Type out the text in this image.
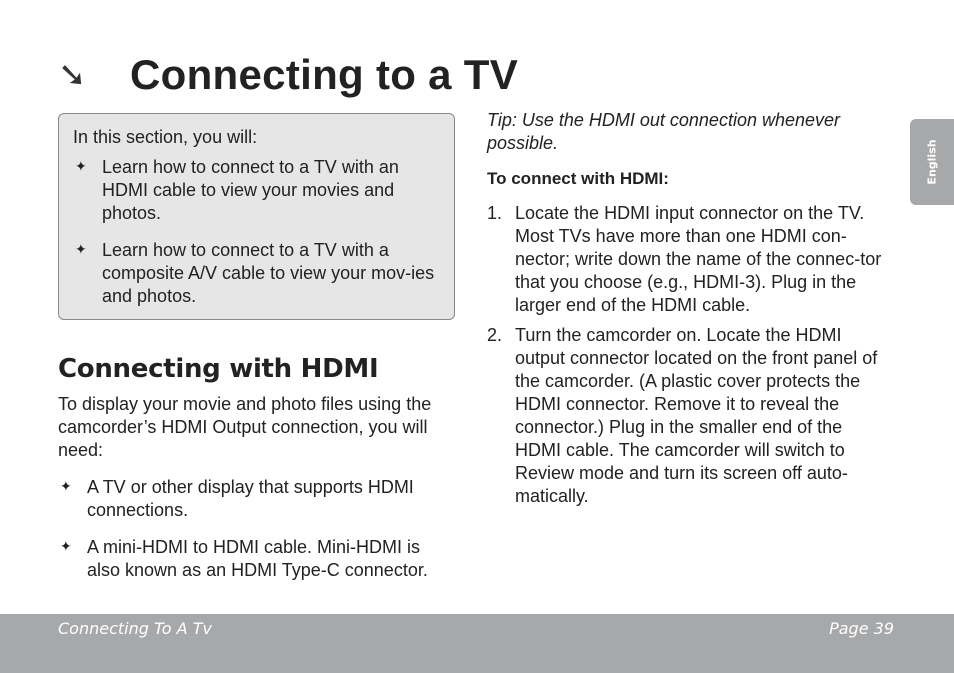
➘	Connecting to a TV

In this section, you will:

✦ Learn how to connect to a TV with an HDMI cable to view your movies and photos.
✦ Learn how to connect to a TV with a composite A/V cable to view your mov-ies and photos.
Connecting with HDMI

To display your movie and photo files using the camcorder’s HDMI Output connection, you will need:

✦ A TV or other display that supports HDMI connections.
✦ A mini-HDMI to HDMI cable. Mini-HDMI is also known as an HDMI Type-C connector.

Tip: Use the HDMI out connection whenever possible.

To connect with HDMI:

1. Locate the HDMI input connector on the TV. Most TVs have more than one HDMI con-nector; write down the name of the connec-tor that you choose (e.g., HDMI-3). Plug in the larger end of the HDMI cable.
2. Turn the camcorder on. Locate the HDMI output connector located on the front panel of the camcorder. (A plastic cover protects the HDMI connector. Remove it to reveal the connector.) Plug in the smaller end of the HDMI cable. The camcorder will switch to Review mode and turn its screen off auto-matically.
English
Connecting To A Tv	Page 39
